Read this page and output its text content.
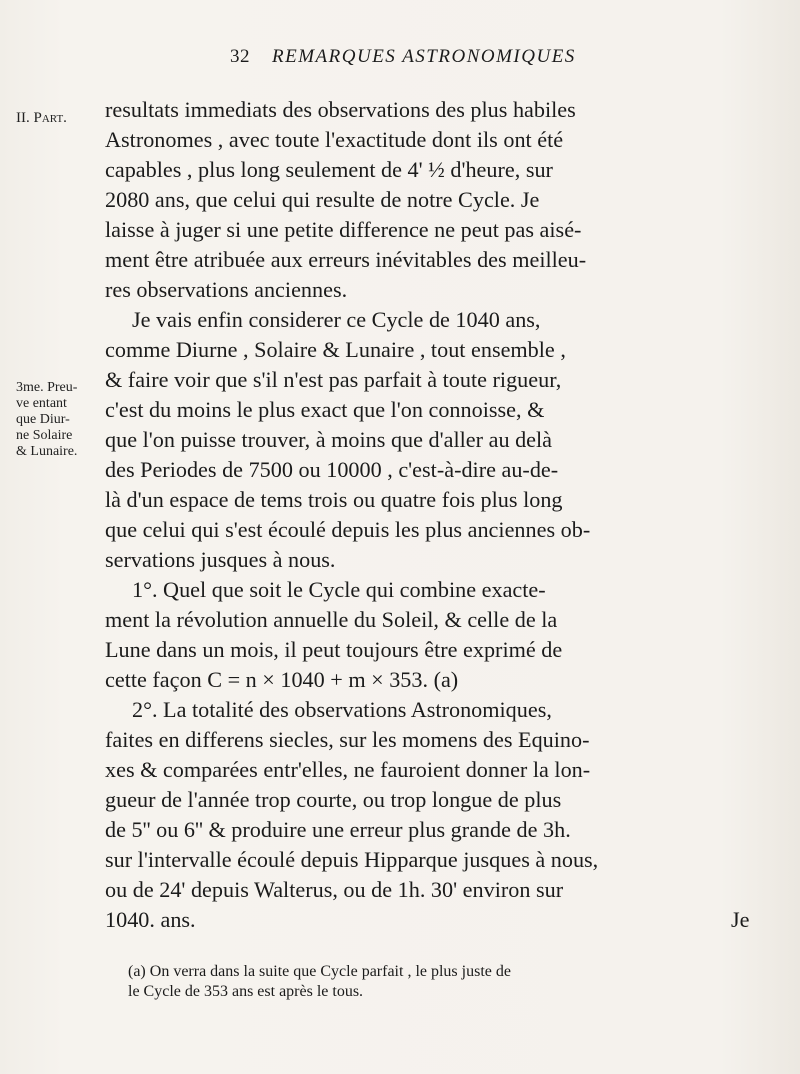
32 REMARQUES ASTRONOMIQUES
II. Part.
3me. Preu-
ve entant
que Diur-
ne Solaire
& Lunaire.
resultats immediats des observations des plus habiles
Astronomes , avec toute l'exactitude dont ils ont été
capables , plus long seulement de 4' ½ d'heure, sur
2080 ans, que celui qui resulte de notre Cycle. Je
laisse à juger si une petite difference ne peut pas aisé-
ment être atribuée aux erreurs inévitables des meilleu-
res observations anciennes.
Je vais enfin considerer ce Cycle de 1040 ans,
comme Diurne , Solaire & Lunaire , tout ensemble ,
& faire voir que s'il n'est pas parfait à toute rigueur,
c'est du moins le plus exact que l'on connoisse, &
que l'on puisse trouver, à moins que d'aller au delà
des Periodes de 7500 ou 10000 , c'est-à-dire au-de-
là d'un espace de tems trois ou quatre fois plus long
que celui qui s'est écoulé depuis les plus anciennes ob-
servations jusques à nous.
1°. Quel que soit le Cycle qui combine exacte-
ment la révolution annuelle du Soleil, & celle de la
Lune dans un mois, il peut toujours être exprimé de
cette façon C = n × 1040 + m × 353. (a)
2°. La totalité des observations Astronomiques,
faites en differens siecles, sur les momens des Equino-
xes & comparées entr'elles, ne fauroient donner la lon-
gueur de l'année trop courte, ou trop longue de plus
de 5'' ou 6'' & produire une erreur plus grande de 3h.
sur l'intervalle écoulé depuis Hipparque jusques à nous,
ou de 24' depuis Walterus, ou de 1h. 30' environ sur
1040. ans.	Je
(a) On verra dans la suite que Cycle parfait , le plus juste de
le Cycle de 353 ans est après le tous.
